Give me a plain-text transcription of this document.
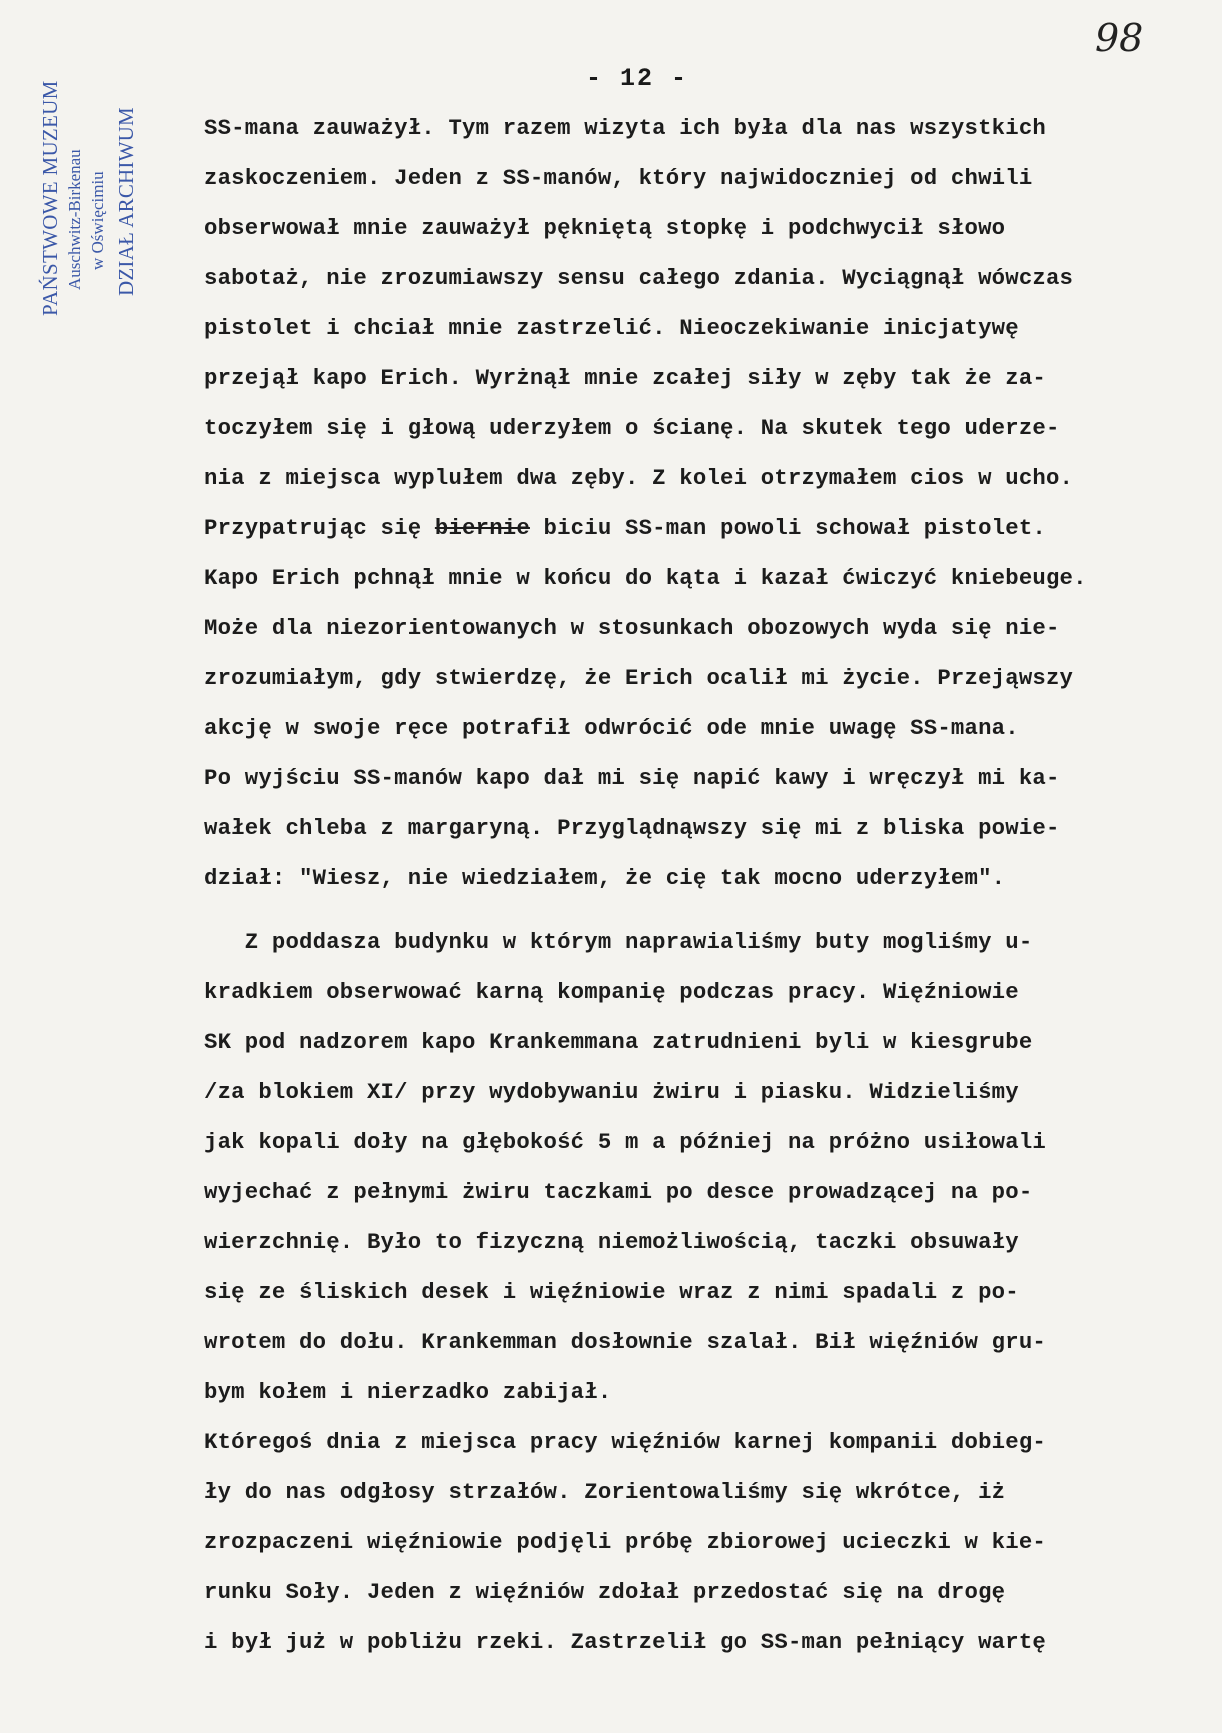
PAŃSTWOWE MUZEUM Auschwitz-Birkenau w Oświęcimiu DZIAŁ ARCHIWUM
98
- 12 -
SS-mana zauważył. Tym razem wizyta ich była dla nas wszystkich
zaskoczeniem. Jeden z SS-manów, który najwidoczniej od chwili
obserwował mnie zauważył pękniętą stopkę i podchwycił słowo
sabotaż, nie zrozumiawszy sensu całego zdania. Wyciągnął wówczas
pistolet i chciał mnie zastrzelić. Nieoczekiwanie inicjatywę
przejął kapo Erich. Wyrżnął mnie zcałej siły w zęby tak że za-
toczyłem się i głową uderzyłem o ścianę. Na skutek tego uderze-
nia z miejsca wyplułem dwa zęby. Z kolei otrzymałem cios w ucho.
Przypatrując się biernie biciu SS-man powoli schował pistolet.
Kapo Erich pchnął mnie w końcu do kąta i kazał ćwiczyć kniebeuge.
Może dla niezorientowanych w stosunkach obozowych wyda się nie-
zrozumiałym, gdy stwierdzę, że Erich ocalił mi życie. Przejąwszy
akcję w swoje ręce potrafił odwrócić ode mnie uwagę SS-mana.
Po wyjściu SS-manów kapo dał mi się napić kawy i wręczył mi ka-
wałek chleba z margaryną. Przyglądnąwszy się mi z bliska powie-
dział: "Wiesz, nie wiedziałem, że cię tak mocno uderzyłem".
Z poddasza budynku w którym naprawialiśmy buty mogliśmy u-
kradkiem obserwować karną kompanię podczas pracy. Więźniowie
SK pod nadzorem kapo Krankemmana zatrudnieni byli w kiesgrube
/za blokiem XI/ przy wydobywaniu żwiru i piasku. Widzieliśmy
jak kopali doły na głębokość 5 m a później na próżno usiłowali
wyjechać z pełnymi żwiru taczkami po desce prowadzącej na po-
wierzchnię. Było to fizyczną niemożliwością, taczki obsuwały
się ze śliskich desek i więźniowie wraz z nimi spadali z po-
wrotem do dołu. Krankemman dosłownie szalał. Bił więźniów gru-
bym kołem i nierzadko zabijał.
Któregoś dnia z miejsca pracy więźniów karnej kompanii dobieg-
ły do nas odgłosy strzałów. Zorientowaliśmy się wkrótce, iż
zrozpaczeni więźniowie podjęli próbę zbiorowej ucieczki w kie-
runku Soły. Jeden z więźniów zdołał przedostać się na drogę
i był już w pobliżu rzeki. Zastrzelił go SS-man pełniący wartę
